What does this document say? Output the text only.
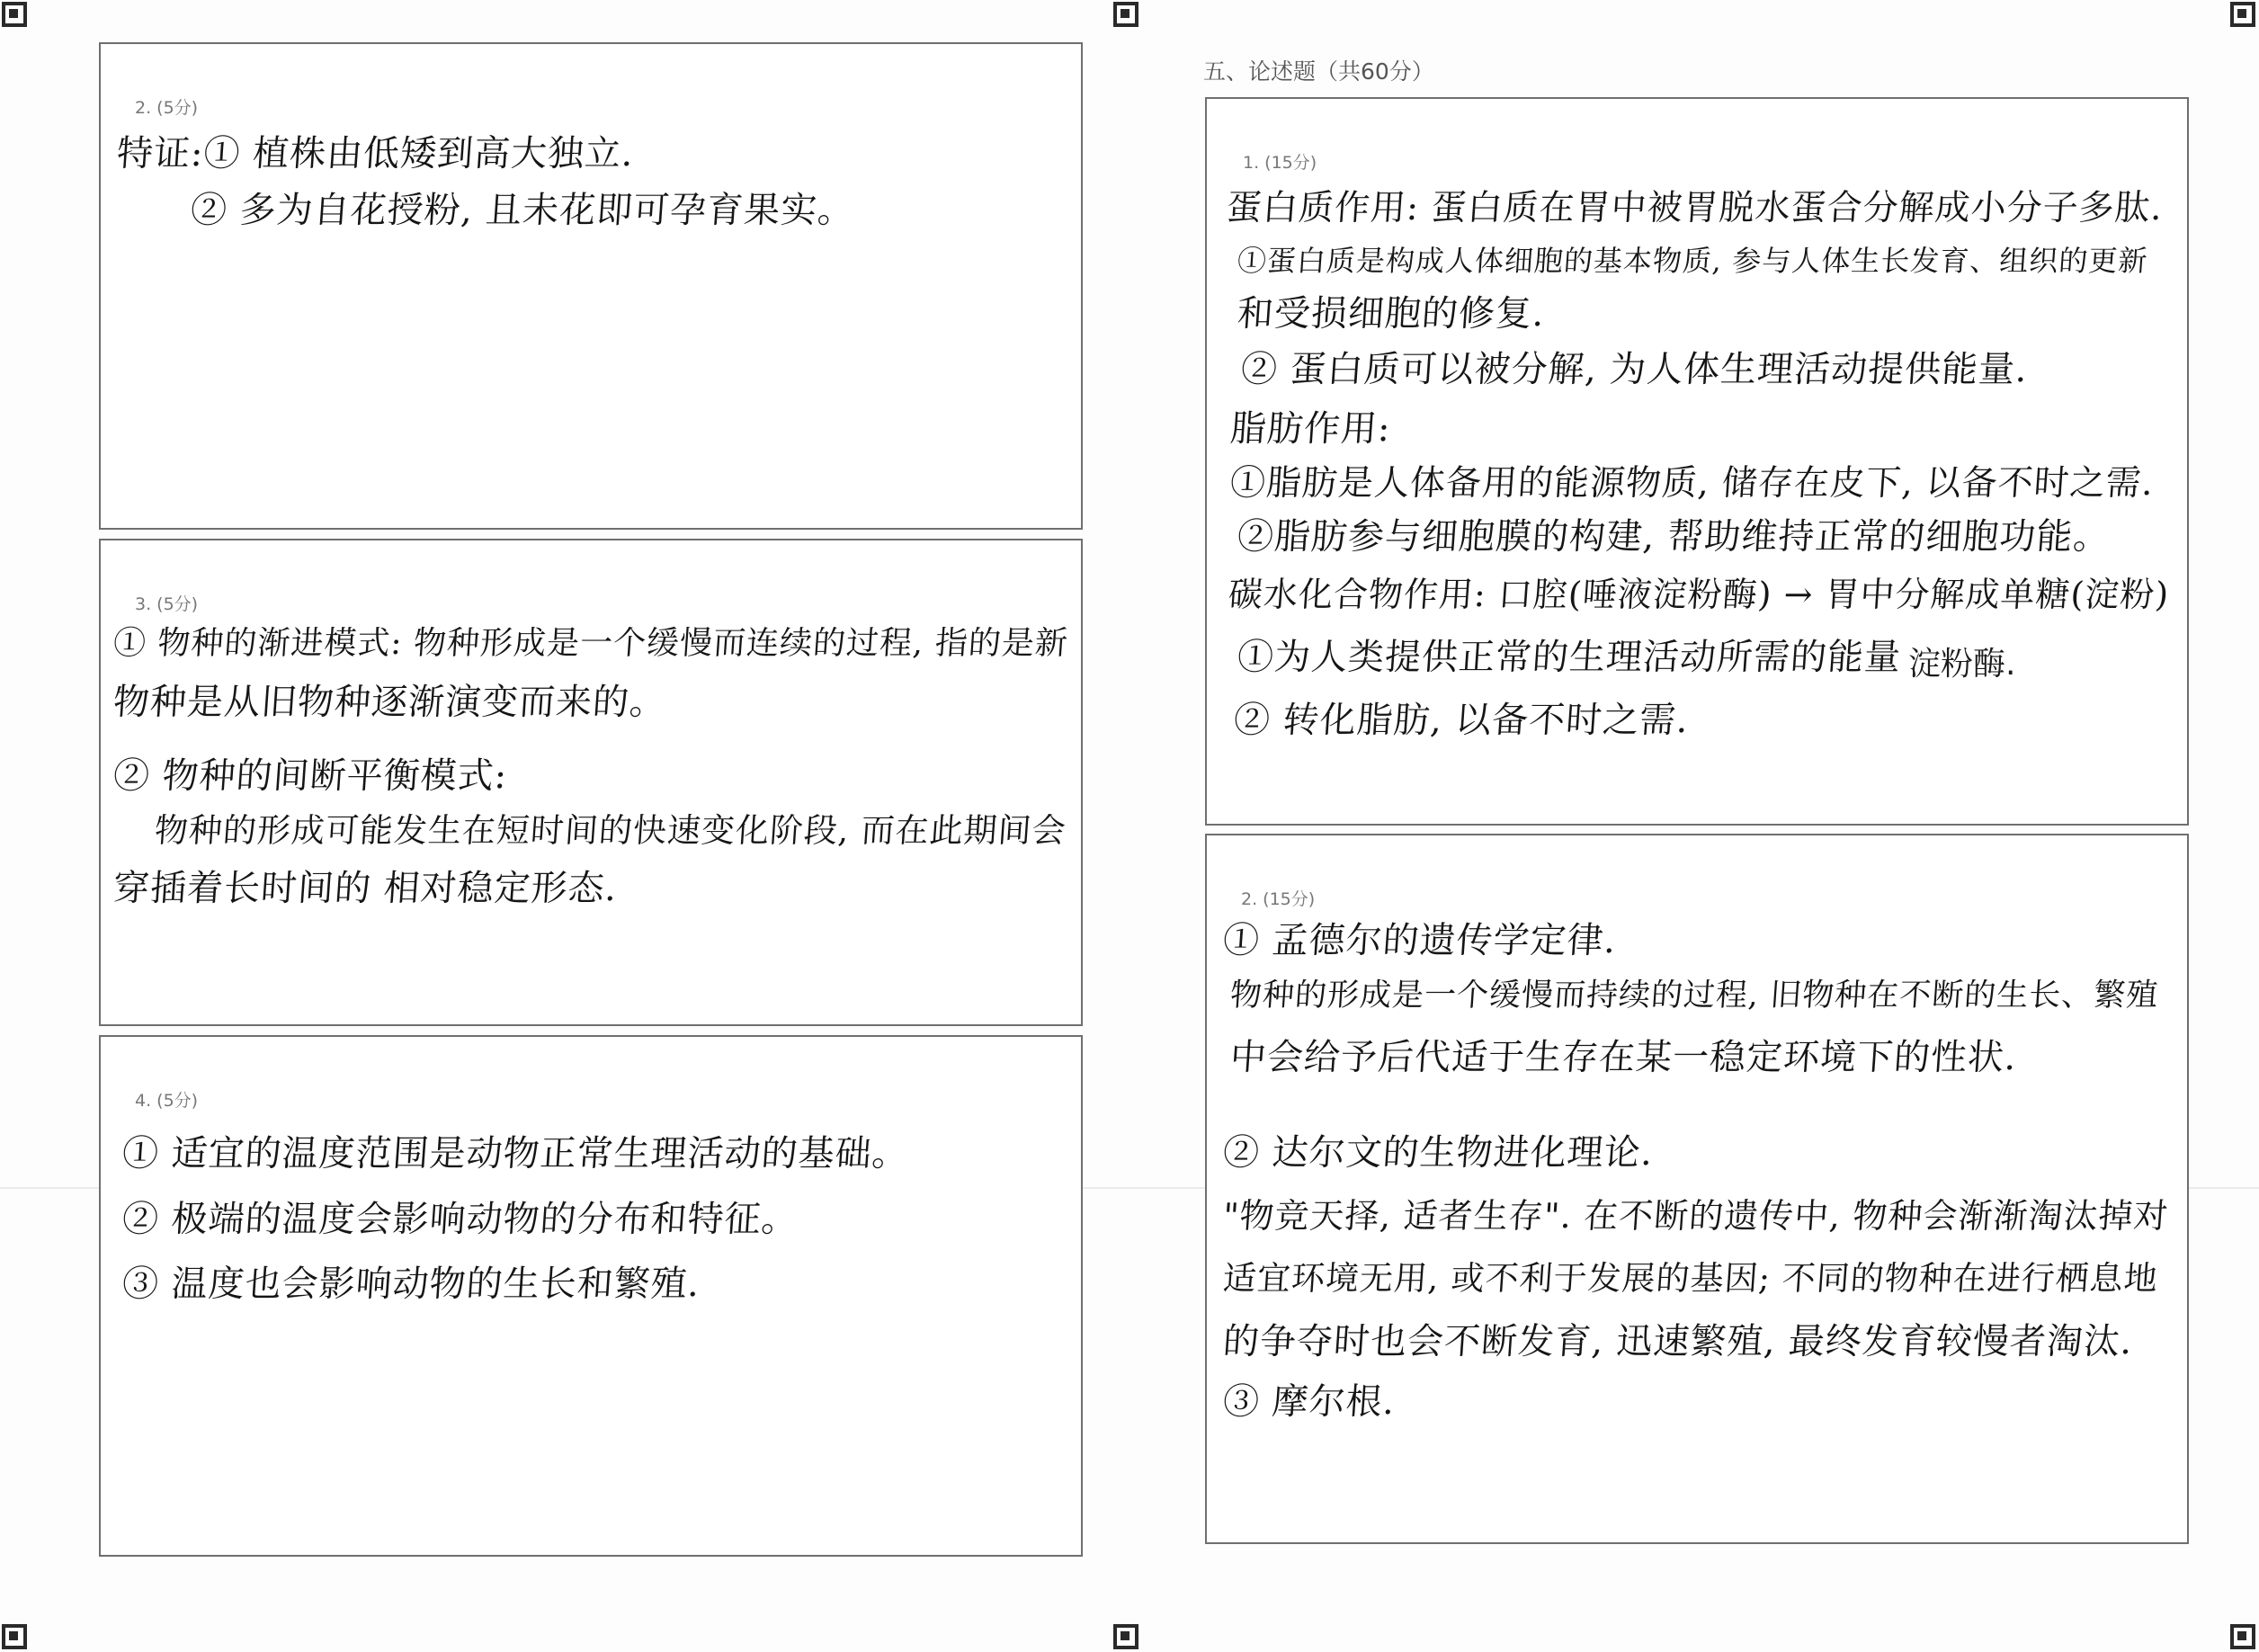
2. (5分)
特证:① 植株由低矮到高大独立.
② 多为自花授粉, 且未花即可孕育果实。
3. (5分)
① 物种的渐进模式: 物种形成是一个缓慢而连续的过程, 指的是新
物种是从旧物种逐渐演变而来的。
② 物种的间断平衡模式:
物种的形成可能发生在短时间的快速变化阶段, 而在此期间会
穿插着长时间的 相对稳定形态.
4. (5分)
① 适宜的温度范围是动物正常生理活动的基础。
② 极端的温度会影响动物的分布和特征。
③ 温度也会影响动物的生长和繁殖.
五、论述题（共60分）
1. (15分)
蛋白质作用: 蛋白质在胃中被胃脱水蛋合分解成小分子多肽.
①蛋白质是构成人体细胞的基本物质, 参与人体生长发育、组织的更新
和受损细胞的修复.
② 蛋白质可以被分解, 为人体生理活动提供能量.
脂肪作用:
①脂肪是人体备用的能源物质, 储存在皮下, 以备不时之需.
②脂肪参与细胞膜的构建, 帮助维持正常的细胞功能。
碳水化合物作用: 口腔(唾液淀粉酶) → 胃中分解成单糖(淀粉)
①为人类提供正常的生理活动所需的能量 淀粉酶.
② 转化脂肪, 以备不时之需.
2. (15分)
① 孟德尔的遗传学定律.
物种的形成是一个缓慢而持续的过程, 旧物种在不断的生长、繁殖
中会给予后代适于生存在某一稳定环境下的性状.
② 达尔文的生物进化理论.
"物竞天择, 适者生存". 在不断的遗传中, 物种会渐渐淘汰掉对
适宜环境无用, 或不利于发展的基因; 不同的物种在进行栖息地
的争夺时也会不断发育, 迅速繁殖, 最终发育较慢者淘汰.
③ 摩尔根.
